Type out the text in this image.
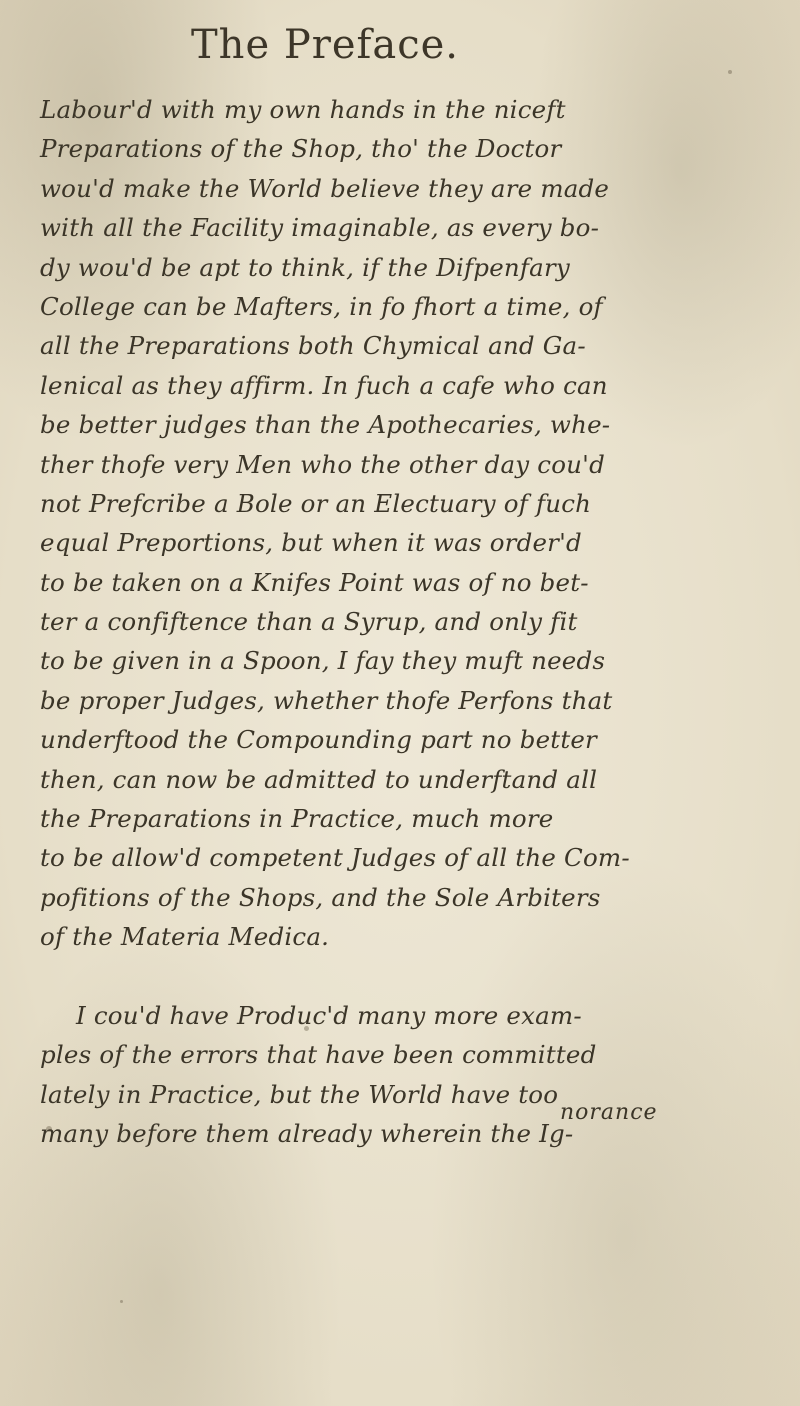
The Preface.
Labour'd with my own hands in the niceft
Preparations of the Shop, tho' the Doctor
wou'd make the World believe they are made
with all the Facility imaginable, as every bo-
dy wou'd be apt to think, if the Difpenfary
College can be Mafters, in fo fhort a time, of
all the Preparations both Chymical and Ga-
lenical as they affirm. In fuch a cafe who can
be better judges than the Apothecaries, whe-
ther thofe very Men who the other day cou'd
not Prefcribe a Bole or an Electuary of fuch
equal Preportions, but when it was order'd
to be taken on a Knifes Point was of no bet-
ter a confiftence than a Syrup, and only fit
to be given in a Spoon, I fay they muft needs
be proper Judges, whether thofe Perfons that
underftood the Compounding part no better
then, can now be admitted to underftand all
the Preparations in Practice, much more
to be allow'd competent Judges of all the Com-
pofitions of the Shops, and the Sole Arbiters
of the Materia Medica.
I cou'd have Produc'd many more exam-
ples of the errors that have been committed
lately in Practice, but the World have too
many before them already wherein the Ig-
norance
